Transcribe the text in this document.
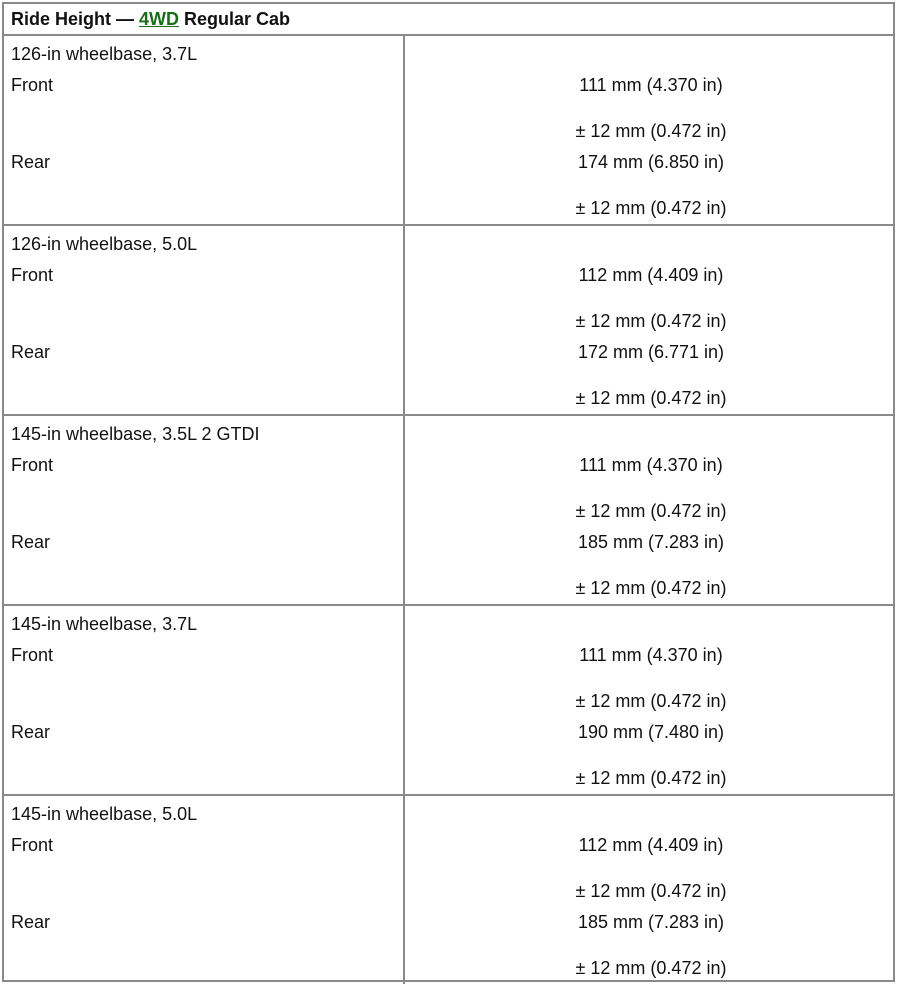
Ride Height — 4WD Regular Cab
126-in wheelbase, 3.7L
Front	111 mm (4.370 in)
± 12 mm (0.472 in)
Rear	174 mm (6.850 in)
± 12 mm (0.472 in)
126-in wheelbase, 5.0L
Front	112 mm (4.409 in)
± 12 mm (0.472 in)
Rear	172 mm (6.771 in)
± 12 mm (0.472 in)
145-in wheelbase, 3.5L 2 GTDI
Front	111 mm (4.370 in)
± 12 mm (0.472 in)
Rear	185 mm (7.283 in)
± 12 mm (0.472 in)
145-in wheelbase, 3.7L
Front	111 mm (4.370 in)
± 12 mm (0.472 in)
Rear	190 mm (7.480 in)
± 12 mm (0.472 in)
145-in wheelbase, 5.0L
Front	112 mm (4.409 in)
± 12 mm (0.472 in)
Rear	185 mm (7.283 in)
± 12 mm (0.472 in)
